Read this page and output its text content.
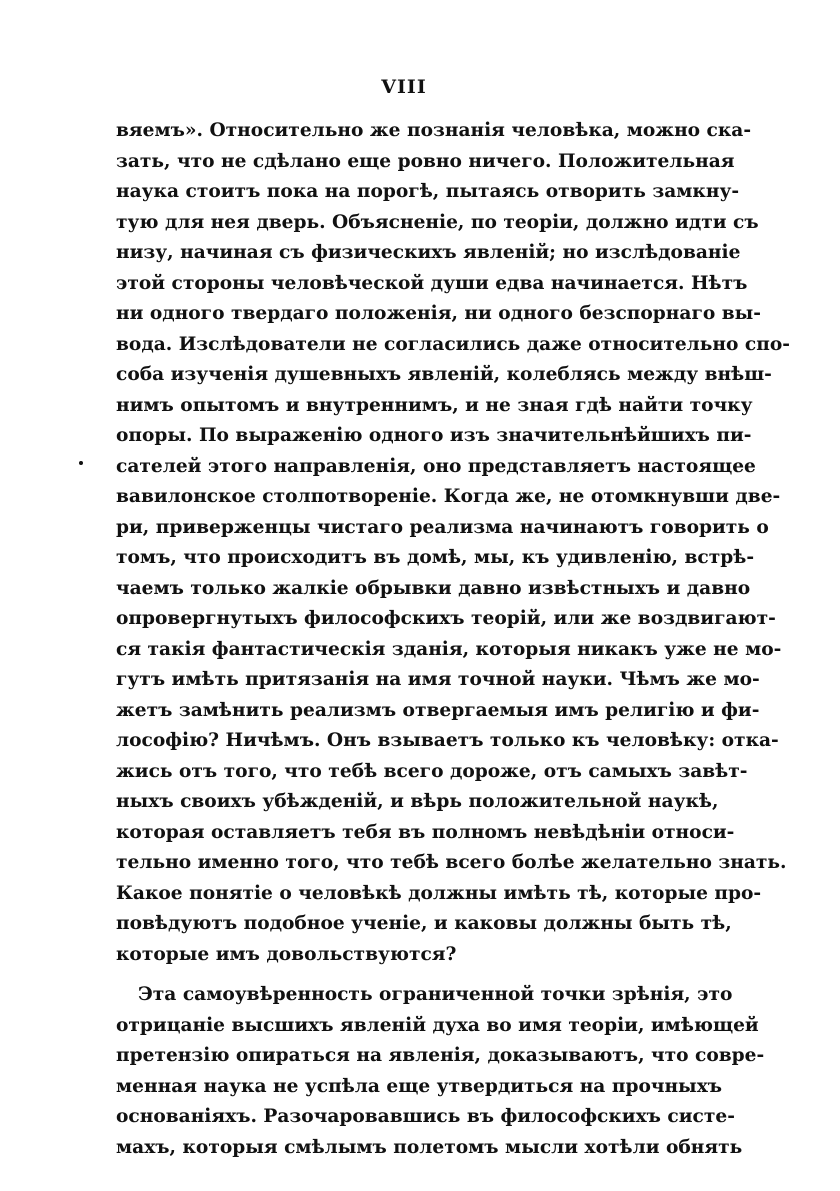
VIII
вяемъ». Относительно же познанія человѣка, можно ска-
зать, что не сдѣлано еще ровно ничего. Положительная
наука стоитъ пока на порогѣ, пытаясь отворить замкну-
тую для нея дверь. Объясненіе, по теоріи, должно идти съ
низу, начиная съ физическихъ явленій; но изслѣдованіе
этой стороны человѣческой души едва начинается. Нѣтъ
ни одного твердаго положенія, ни одного безспорнаго вы-
вода. Изслѣдователи не согласились даже относительно спо-
соба изученія душевныхъ явленій, колеблясь между внѣш-
нимъ опытомъ и внутреннимъ, и не зная гдѣ найти точку
опоры. По выраженію одного изъ значительнѣйшихъ пи-
сателей этого направленія, оно представляетъ настоящее
вавилонское столпотвореніе. Когда же, не отомкнувши две-
ри, приверженцы чистаго реализма начинаютъ говорить о
томъ, что происходитъ въ домѣ, мы, къ удивленію, встрѣ-
чаемъ только жалкіе обрывки давно извѣстныхъ и давно
опровергнутыхъ философскихъ теорій, или же воздвигают-
ся такія фантастическія зданія, которыя никакъ уже не мо-
гутъ имѣть притязанія на имя точной науки. Чѣмъ же мо-
жетъ замѣнить реализмъ отвергаемыя имъ религію и фи-
лософію? Ничѣмъ. Онъ взываетъ только къ человѣку: отка-
жись отъ того, что тебѣ всего дороже, отъ самыхъ завѣт-
ныхъ своихъ убѣжденій, и вѣрь положительной наукѣ,
которая оставляетъ тебя въ полномъ невѣдѣніи относи-
тельно именно того, что тебѣ всего болѣе желательно знать.
Какое понятіе о человѣкѣ должны имѣть тѣ, которые про-
повѣдуютъ подобное ученіе, и каковы должны быть тѣ,
которые имъ довольствуются?
Эта самоувѣренность ограниченной точки зрѣнія, это
отрицаніе высшихъ явленій духа во имя теоріи, имѣющей
претензію опираться на явленія, доказываютъ, что совре-
менная наука не успѣла еще утвердиться на прочныхъ
основаніяхъ. Разочаровавшись въ философскихъ систе-
махъ, которыя смѣлымъ полетомъ мысли хотѣли обнять
